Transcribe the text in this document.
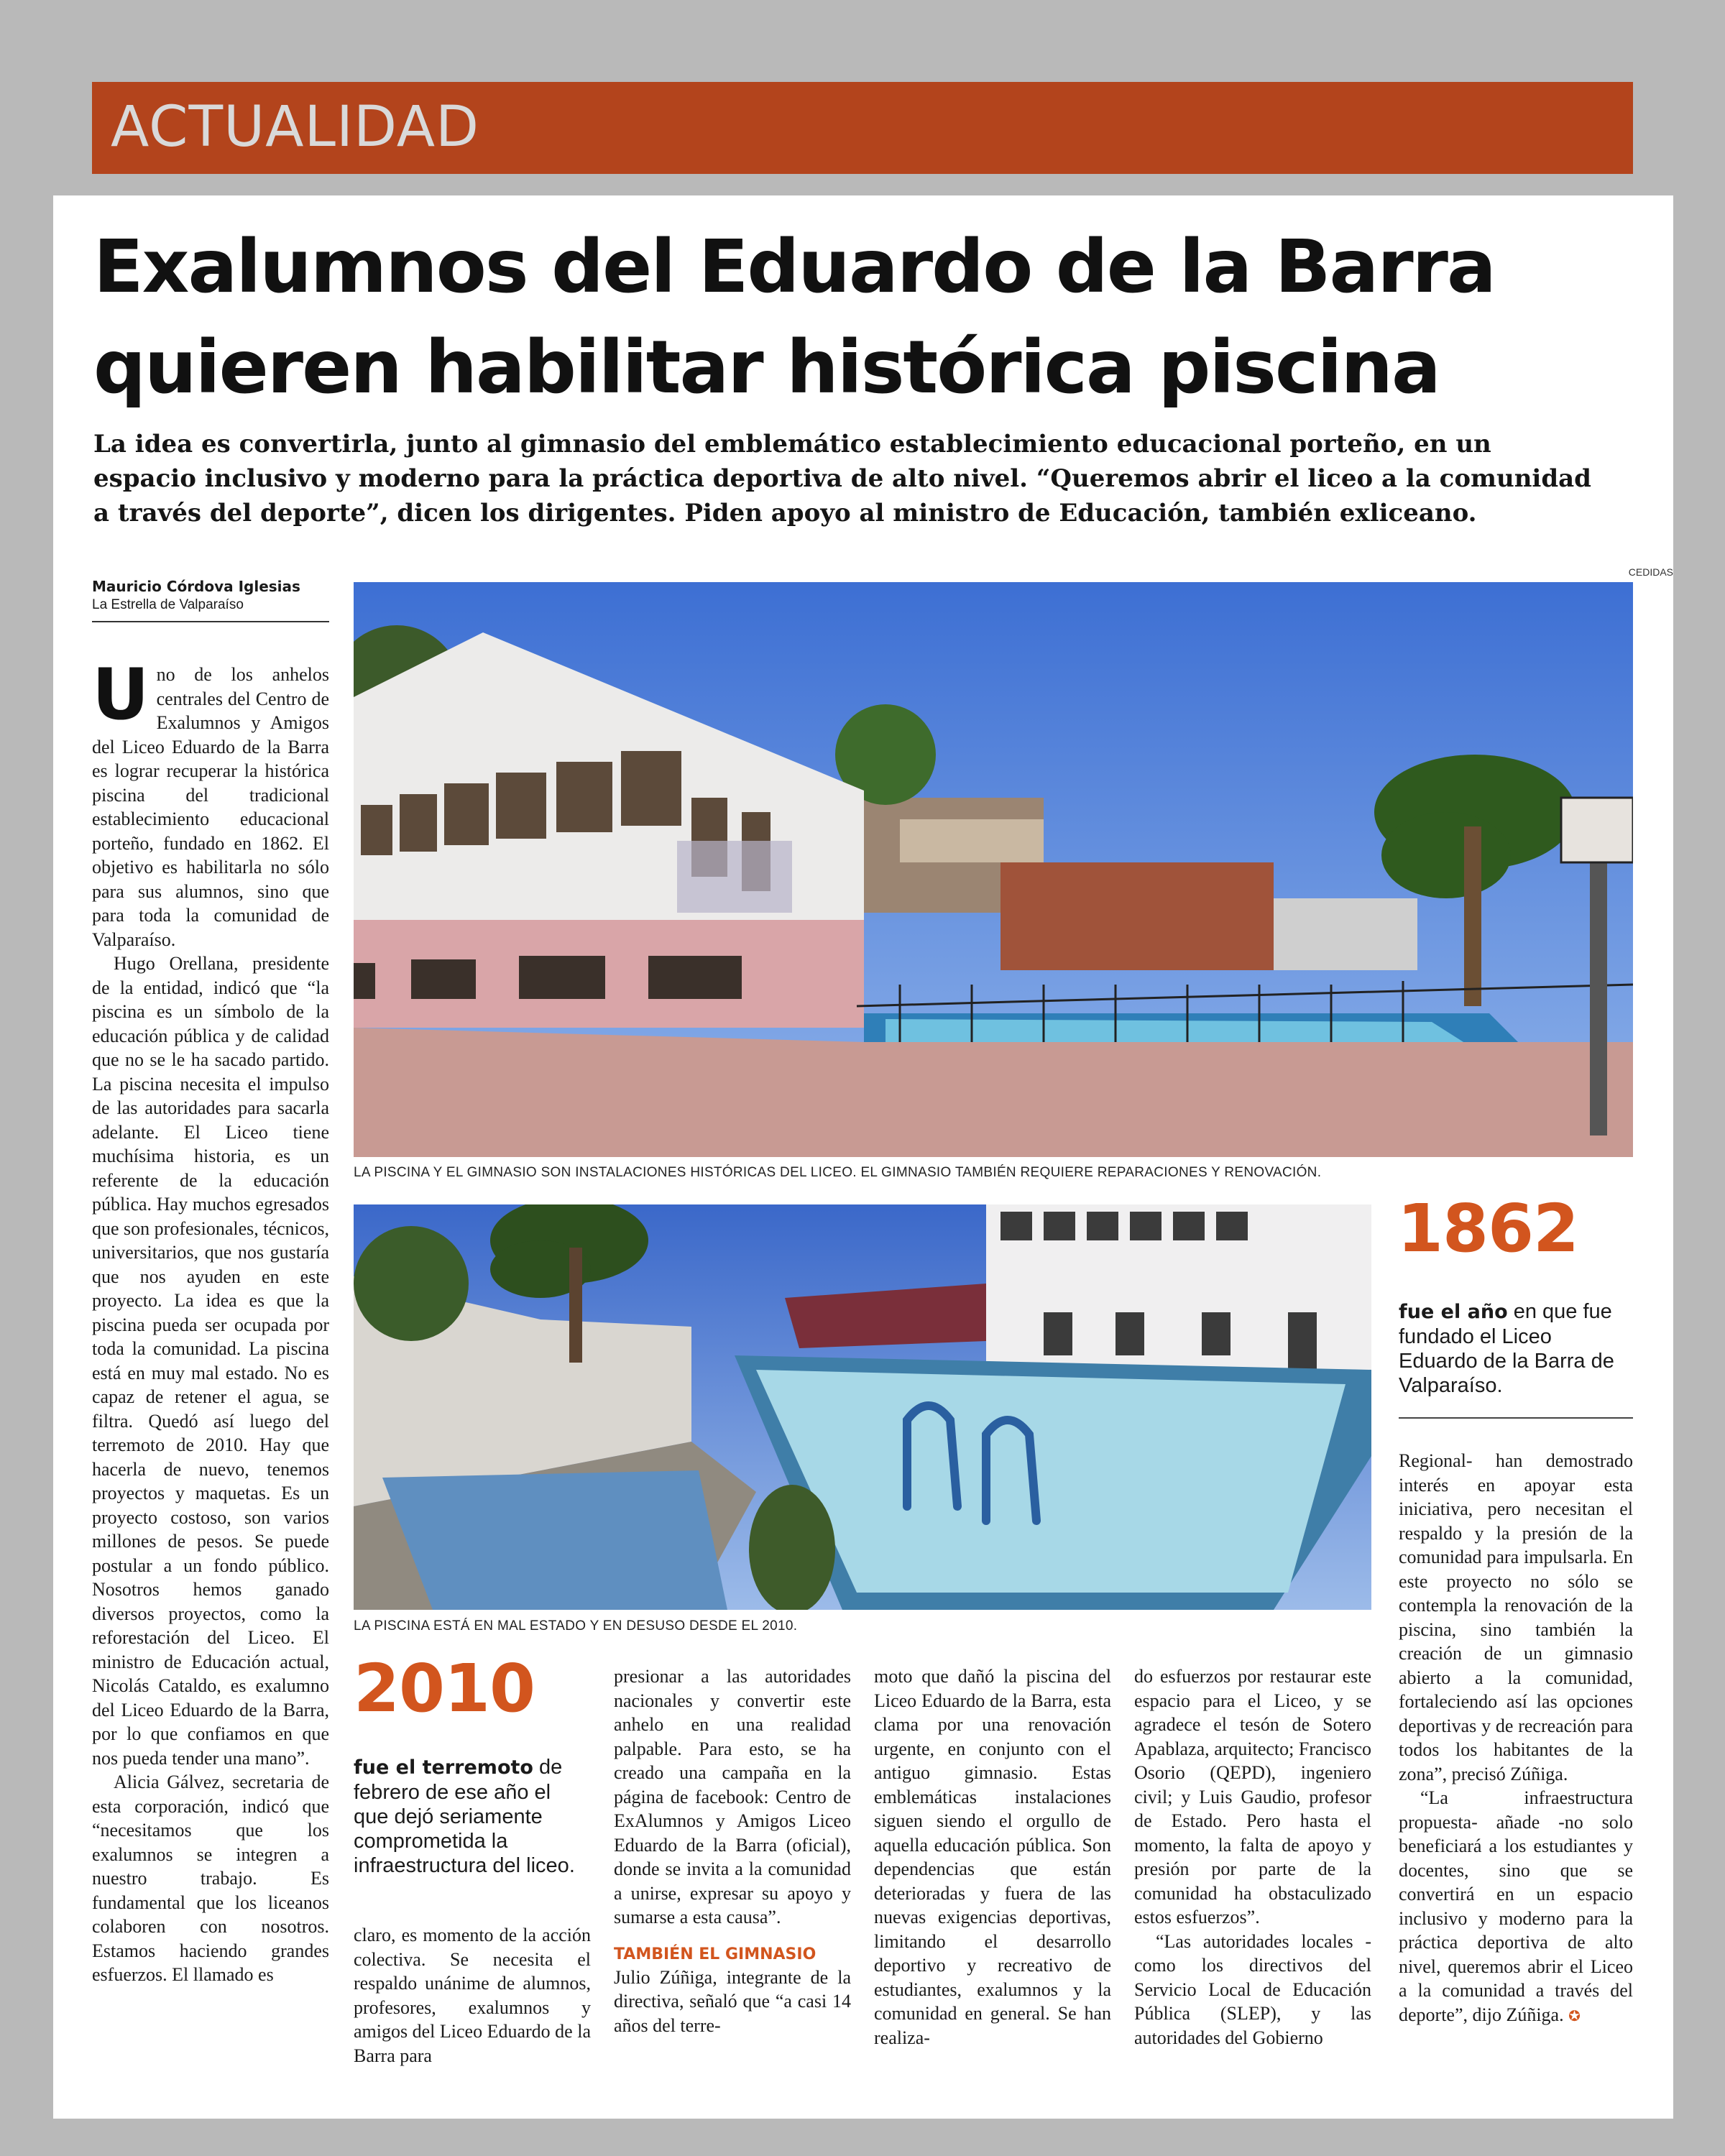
ACTUALIDAD
Exalumnos del Eduardo de la Barra
quieren habilitar histórica piscina
La idea es convertirla, junto al gimnasio del emblemático establecimiento educacional porteño, en un espacio inclusivo y moderno para la práctica deportiva de alto nivel. “Queremos abrir el liceo a la comunidad a través del deporte”, dicen los dirigentes. Piden apoyo al ministro de Educación, también exliceano.
Mauricio Córdova Iglesias
La Estrella de Valparaíso
CEDIDAS

Uno de los anhelos centrales del Centro de Exalumnos y Amigos del Liceo Eduardo de la Barra es lograr recuperar la histórica piscina del tradicional establecimiento educacional porteño, fundado en 1862. El objetivo es habilitarla no sólo para sus alumnos, sino que para toda la comunidad de Valparaíso.

Hugo Orellana, presidente de la entidad, indicó que “la piscina es un símbolo de la educación pública y de calidad que no se le ha sacado partido. La piscina necesita el impulso de las autoridades para sacarla adelante. El Liceo tiene muchísima historia, es un referente de la educación pública. Hay muchos egresados que son profesionales, técnicos, universitarios, que nos gustaría que nos ayuden en este proyecto. La idea es que la piscina pueda ser ocupada por toda la comunidad. La piscina está en muy mal estado. No es capaz de retener el agua, se filtra. Quedó así luego del terremoto de 2010. Hay que hacerla de nuevo, tenemos proyectos y maquetas. Es un proyecto costoso, son varios millones de pesos. Se puede postular a un fondo público. Nosotros hemos ganado diversos proyectos, como la reforestación del Liceo. El ministro de Educación actual, Nicolás Cataldo, es exalumno del Liceo Eduardo de la Barra, por lo que confiamos en que nos pueda tender una mano”.

Alicia Gálvez, secretaria de esta corporación, indicó que “necesitamos que los exalumnos se integren a nuestro trabajo. Es fundamental que los liceanos colaboren con nosotros. Estamos haciendo grandes esfuerzos. El llamado es

LA PISCINA Y EL GIMNASIO SON INSTALACIONES HISTÓRICAS DEL LICEO. EL GIMNASIO TAMBIÉN REQUIERE REPARACIONES Y RENOVACIÓN.
LA PISCINA ESTÁ EN MAL ESTADO Y EN DESUSO DESDE EL 2010.
1862
fue el año en que fue fundado el Liceo Eduardo de la Barra de Valparaíso.
2010
fue el terremoto de febrero de ese año el que dejó seriamente comprometida la infraestructura del liceo.

claro, es momento de la acción colectiva. Se necesita el respaldo unánime de alumnos, profesores, exalumnos y amigos del Liceo Eduardo de la Barra para

presionar a las autoridades nacionales y convertir este anhelo en una realidad palpable. Para esto, se ha creado una campaña en la página de facebook: Centro de ExAlumnos y Amigos Liceo Eduardo de la Barra (oficial), donde se invita a la comunidad a unirse, expresar su apoyo y sumarse a esta causa”.

TAMBIÉN EL GIMNASIO

Julio Zúñiga, integrante de la directiva, señaló que “a casi 14 años del terre-

moto que dañó la piscina del Liceo Eduardo de la Barra, esta clama por una renovación urgente, en conjunto con el antiguo gimnasio. Estas emblemáticas instalaciones siguen siendo el orgullo de aquella educación pública. Son dependencias que están deterioradas y fuera de las nuevas exigencias deportivas, limitando el desarrollo deportivo y recreativo de estudiantes, exalumnos y la comunidad en general. Se han realiza-

do esfuerzos por restaurar este espacio para el Liceo, y se agradece el tesón de Sotero Apablaza, arquitecto; Francisco Osorio (QEPD), ingeniero civil; y Luis Gaudio, profesor de Estado. Pero hasta el momento, la falta de apoyo y presión por parte de la comunidad ha obstaculizado estos esfuerzos”.

“Las autoridades locales -como los directivos del Servicio Local de Educación Pública (SLEP), y las autoridades del Gobierno

Regional- han demostrado interés en apoyar esta iniciativa, pero necesitan el respaldo y la presión de la comunidad para impulsarla. En este proyecto no sólo se contempla la renovación de la piscina, sino también la creación de un gimnasio abierto a la comunidad, fortaleciendo así las opciones deportivas y de recreación para todos los habitantes de la zona”, precisó Zúñiga.

“La infraestructura propuesta- añade -no solo beneficiará a los estudiantes y docentes, sino que se convertirá en un espacio inclusivo y moderno para la práctica deportiva de alto nivel, queremos abrir el Liceo a la comunidad a través del deporte”, dijo Zúñiga. ✪
